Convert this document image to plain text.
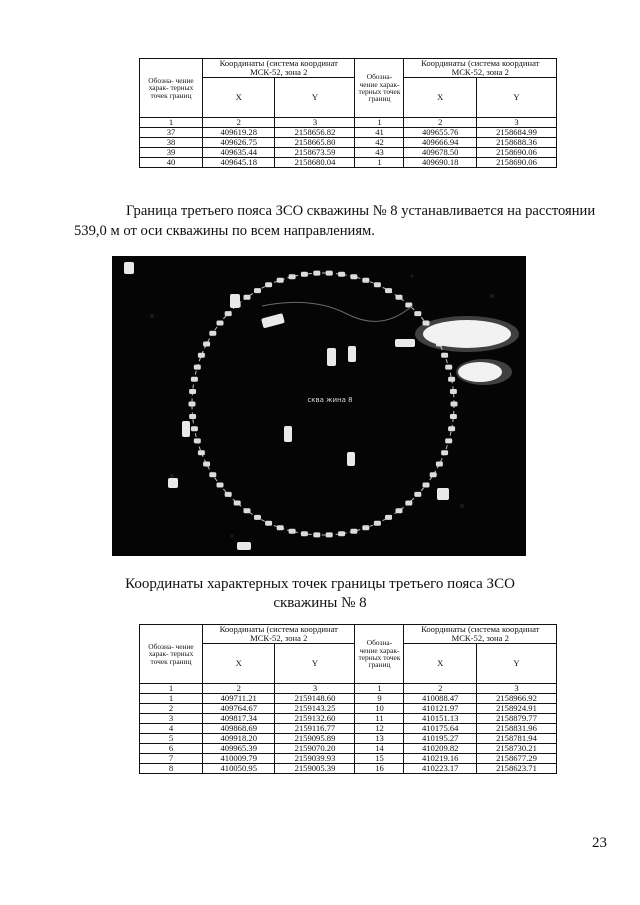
Обозна- чение харак- терных точек границ	Координаты (система координат МСК-52, зона 2		Обозна- чение харак- терных точек границ	Координаты (система координат МСК-52, зона 2	
	X	Y		X	Y
1	2	3	1	2	3
37	409619.28	2158656.82	41	409655.76	2158684.99
38	409626.75	2158665.80	42	409666.94	2158688.36
39	409635.44	2158673.59	43	409678.50	2158690.06
40	409645.18	2158680.04	1	409690.18	2158690.06
Граница третьего пояса ЗСО скважины № 8 устанавливается на расстоянии 539,0 м от оси скважины по всем направлениям.
сква жина 8
Координаты характерных точек границы третьего пояса ЗСО
скважины № 8
Обозна- чение харак- терных точек границ	Координаты (система координат МСК-52, зона 2		Обозна- чение харак- терных точек границ	Координаты (система координат МСК-52, зона 2	
	X	Y		X	Y
1	2	3	1	2	3
1	409711.21	2159148.60	9	410088.47	2158966.92
2	409764.67	2159143.25	10	410121.97	2158924.91
3	409817.34	2159132.60	11	410151.13	2158879.77
4	409868.69	2159116.77	12	410175.64	2158831.96
5	409918.20	2159095.89	13	410195.27	2158781.94
6	409965.39	2159070.20	14	410209.82	2158730.21
7	410009.79	2159039.93	15	410219.16	2158677.29
8	410050.95	2159005.39	16	410223.17	2158623.71
23
